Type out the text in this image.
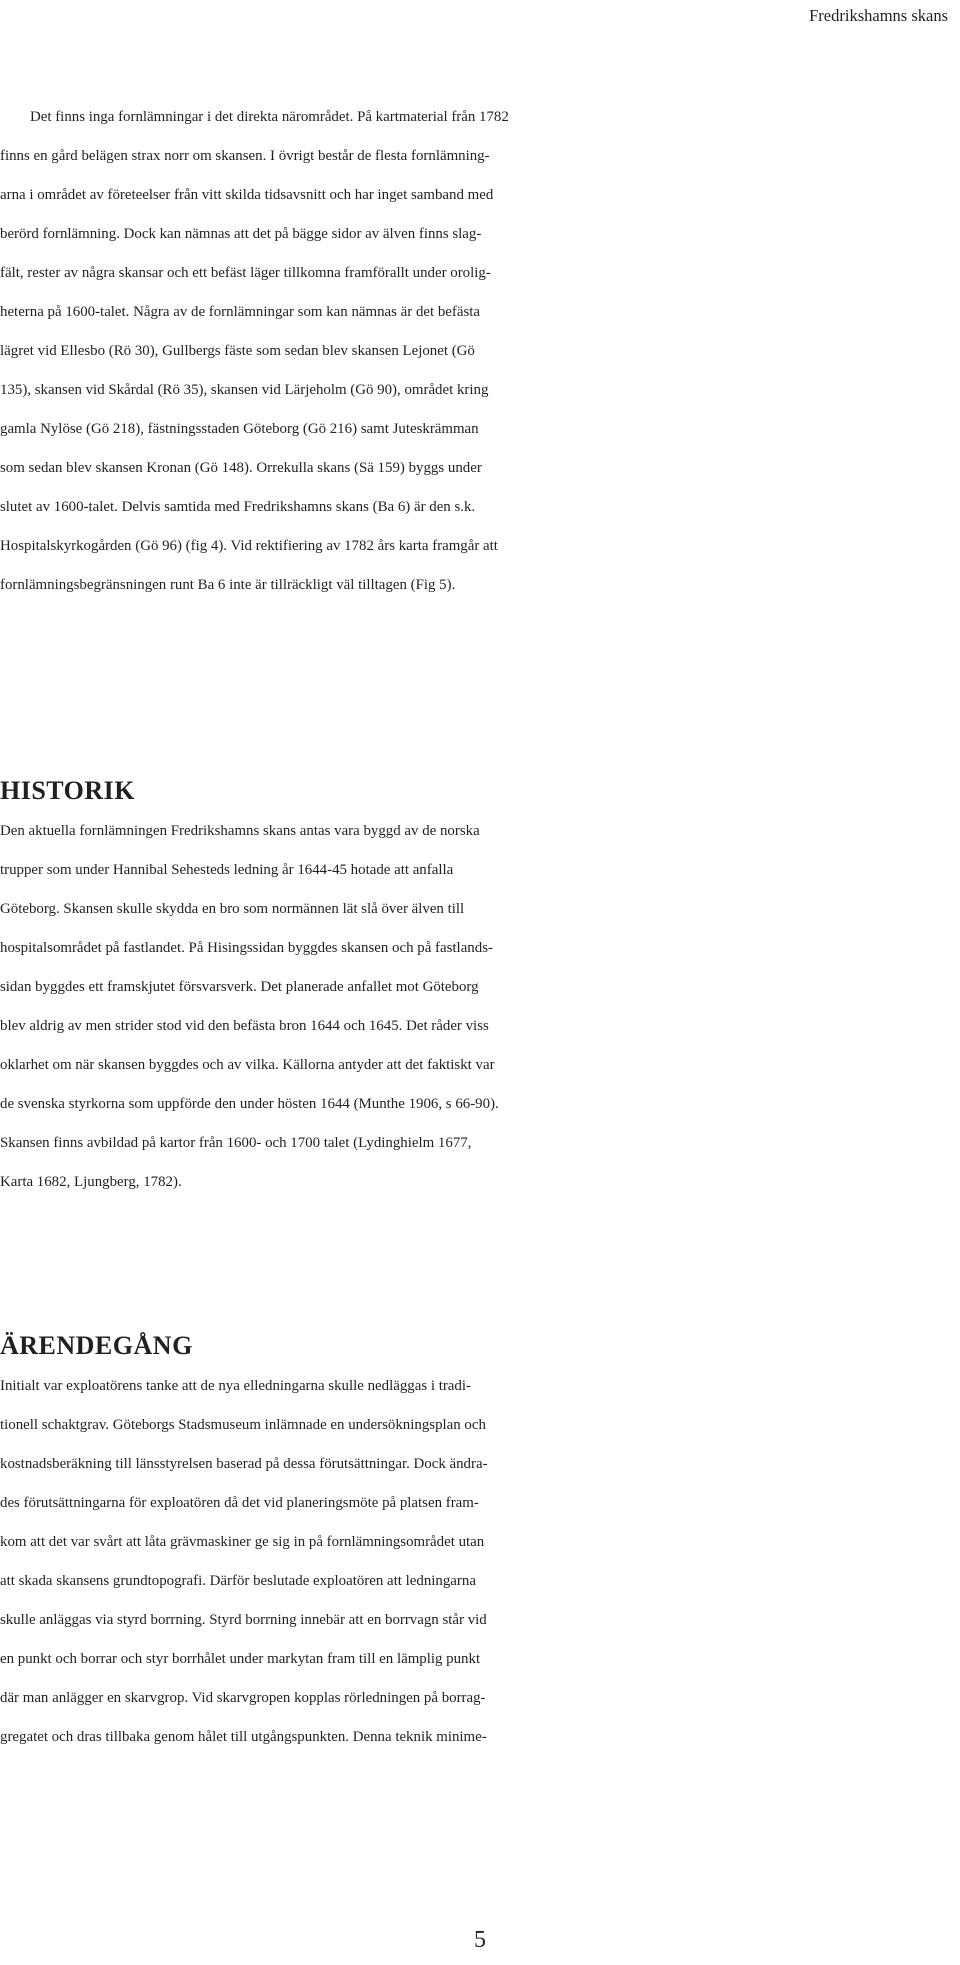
Fredrikshamns skans
Det finns inga fornlämningar i det direkta närområdet. På kartmaterial från 1782
finns en gård belägen strax norr om skansen. I övrigt består de flesta fornlämning-
arna i området av företeelser från vitt skilda tidsavsnitt och har inget samband med
berörd fornlämning. Dock kan nämnas att det på bägge sidor av älven finns slag-
fält, rester av några skansar och ett befäst läger tillkomna framförallt under orolig-
heterna på 1600-talet. Några av de fornlämningar som kan nämnas är det befästa
lägret vid Ellesbo (Rö 30), Gullbergs fäste som sedan blev skansen Lejonet (Gö
135), skansen vid Skårdal (Rö 35), skansen vid Lärjeholm (Gö 90), området kring
gamla Nylöse (Gö 218), fästningsstaden Göteborg (Gö 216) samt Juteskrämman
som sedan blev skansen Kronan (Gö 148). Orrekulla skans (Sä 159) byggs under
slutet av 1600-talet. Delvis samtida med Fredrikshamns skans (Ba 6) är den s.k.
Hospitalskyrkogården (Gö 96) (fig 4). Vid rektifiering av 1782 års karta framgår att
fornlämningsbegränsningen runt Ba 6 inte är tillräckligt väl tilltagen (Fig 5).
HISTORIK
Den aktuella fornlämningen Fredrikshamns skans antas vara byggd av de norska
trupper som under Hannibal Sehesteds ledning år 1644-45 hotade att anfalla
Göteborg. Skansen skulle skydda en bro som normännen lät slå över älven till
hospitalsområdet på fastlandet. På Hisingssidan byggdes skansen och på fastlands-
sidan byggdes ett framskjutet försvarsverk. Det planerade anfallet mot Göteborg
blev aldrig av men strider stod vid den befästa bron 1644 och 1645. Det råder viss
oklarhet om när skansen byggdes och av vilka. Källorna antyder att det faktiskt var
de svenska styrkorna som uppförde den under hösten 1644 (Munthe 1906, s 66-90).
Skansen finns avbildad på kartor från 1600- och 1700 talet (Lydinghielm 1677,
Karta 1682, Ljungberg, 1782).
ÄRENDEGÅNG
Initialt var exploatörens tanke att de nya elledningarna skulle nedläggas i tradi-
tionell schaktgrav. Göteborgs Stadsmuseum inlämnade en undersökningsplan och
kostnadsberäkning till länsstyrelsen baserad på dessa förutsättningar. Dock ändra-
des förutsättningarna för exploatören då det vid planeringsmöte på platsen fram-
kom att det var svårt att låta grävmaskiner ge sig in på fornlämningsområdet utan
att skada skansens grundtopografi. Därför beslutade exploatören att ledningarna
skulle anläggas via styrd borrning. Styrd borrning innebär att en borrvagn står vid
en punkt och borrar och styr borrhålet under markytan fram till en lämplig punkt
där man anlägger en skarvgrop. Vid skarvgropen kopplas rörledningen på borrag-
gregatet och dras tillbaka genom hålet till utgångspunkten. Denna teknik minime-
5
